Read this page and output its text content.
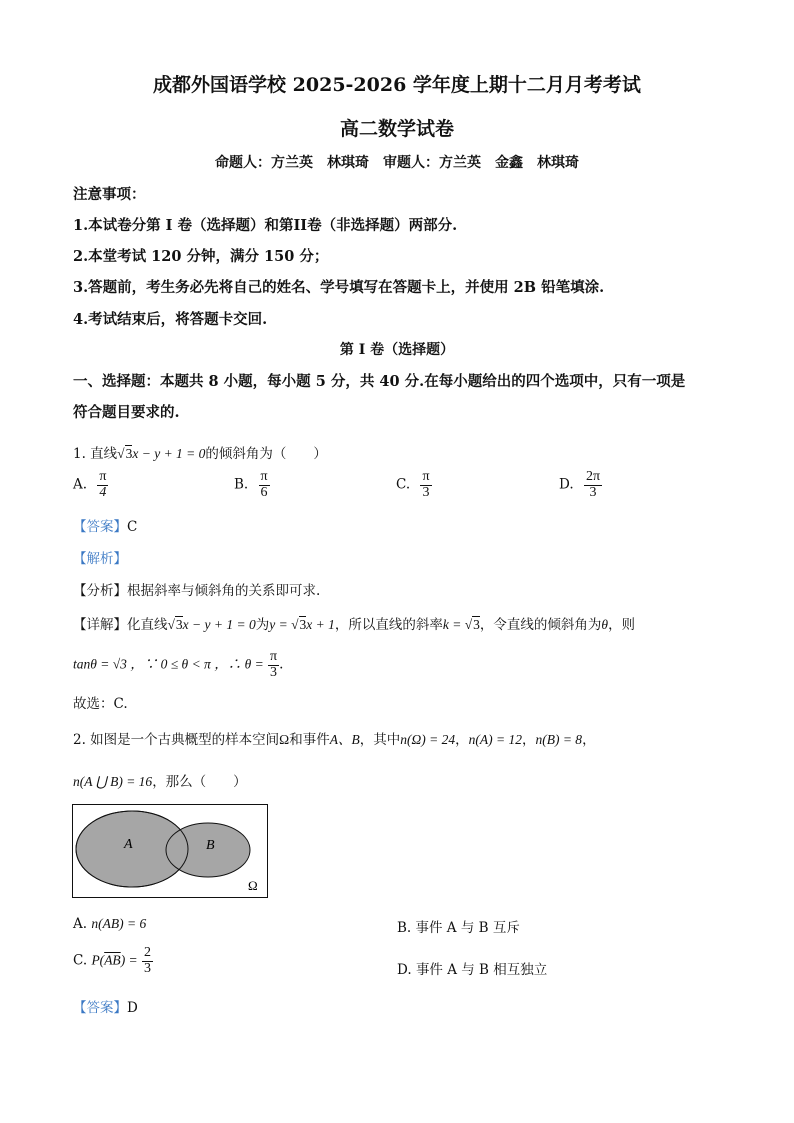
成都外国语学校 2025-2026 学年度上期十二月月考考试
高二数学试卷
命题人：方兰英　林琪琦　审题人：方兰英　金鑫　林琪琦
注意事项：
1.本试卷分第 I 卷（选择题）和第II卷（非选择题）两部分.
2.本堂考试 120 分钟，满分 150 分；
3.答题前，考生务必先将自己的姓名、学号填写在答题卡上，并使用 2B 铅笔填涂.
4.考试结束后，将答题卡交回.
第 I 卷（选择题）
一、选择题：本题共 8 小题，每小题 5 分，共 40 分.在每小题给出的四个选项中，只有一项是
符合题目要求的.
1. 直线√3x − y + 1 = 0的倾斜角为（　　）
A. $\frac{\pi}{4}$	B. $\frac{\pi}{6}$	C. $\frac{\pi}{3}$	D. $\frac{2\pi}{3}$
【答案】C
【解析】
【分析】根据斜率与倾斜角的关系即可求.
【详解】化直线√3x − y + 1 = 0为y = √3x + 1，所以直线的斜率k = √3，令直线的倾斜角为θ，则
tanθ = √3 ，∵ 0 ≤ θ < π ，∴ $\theta = \frac{\pi}{3}$ .
故选：C.
2. 如图是一个古典概型的样本空间Ω和事件A、B，其中n(Ω) = 24，n(A) = 12，n(B) = 8，
n(A ⋃ B) = 16，那么（　　）
A	B
Ω
A. n(AB) = 6	B. 事件 A 与 B 互斥
C. $P(\overline{AB}) = \frac{2}{3}$	D. 事件 A 与 B 相互独立
【答案】D
